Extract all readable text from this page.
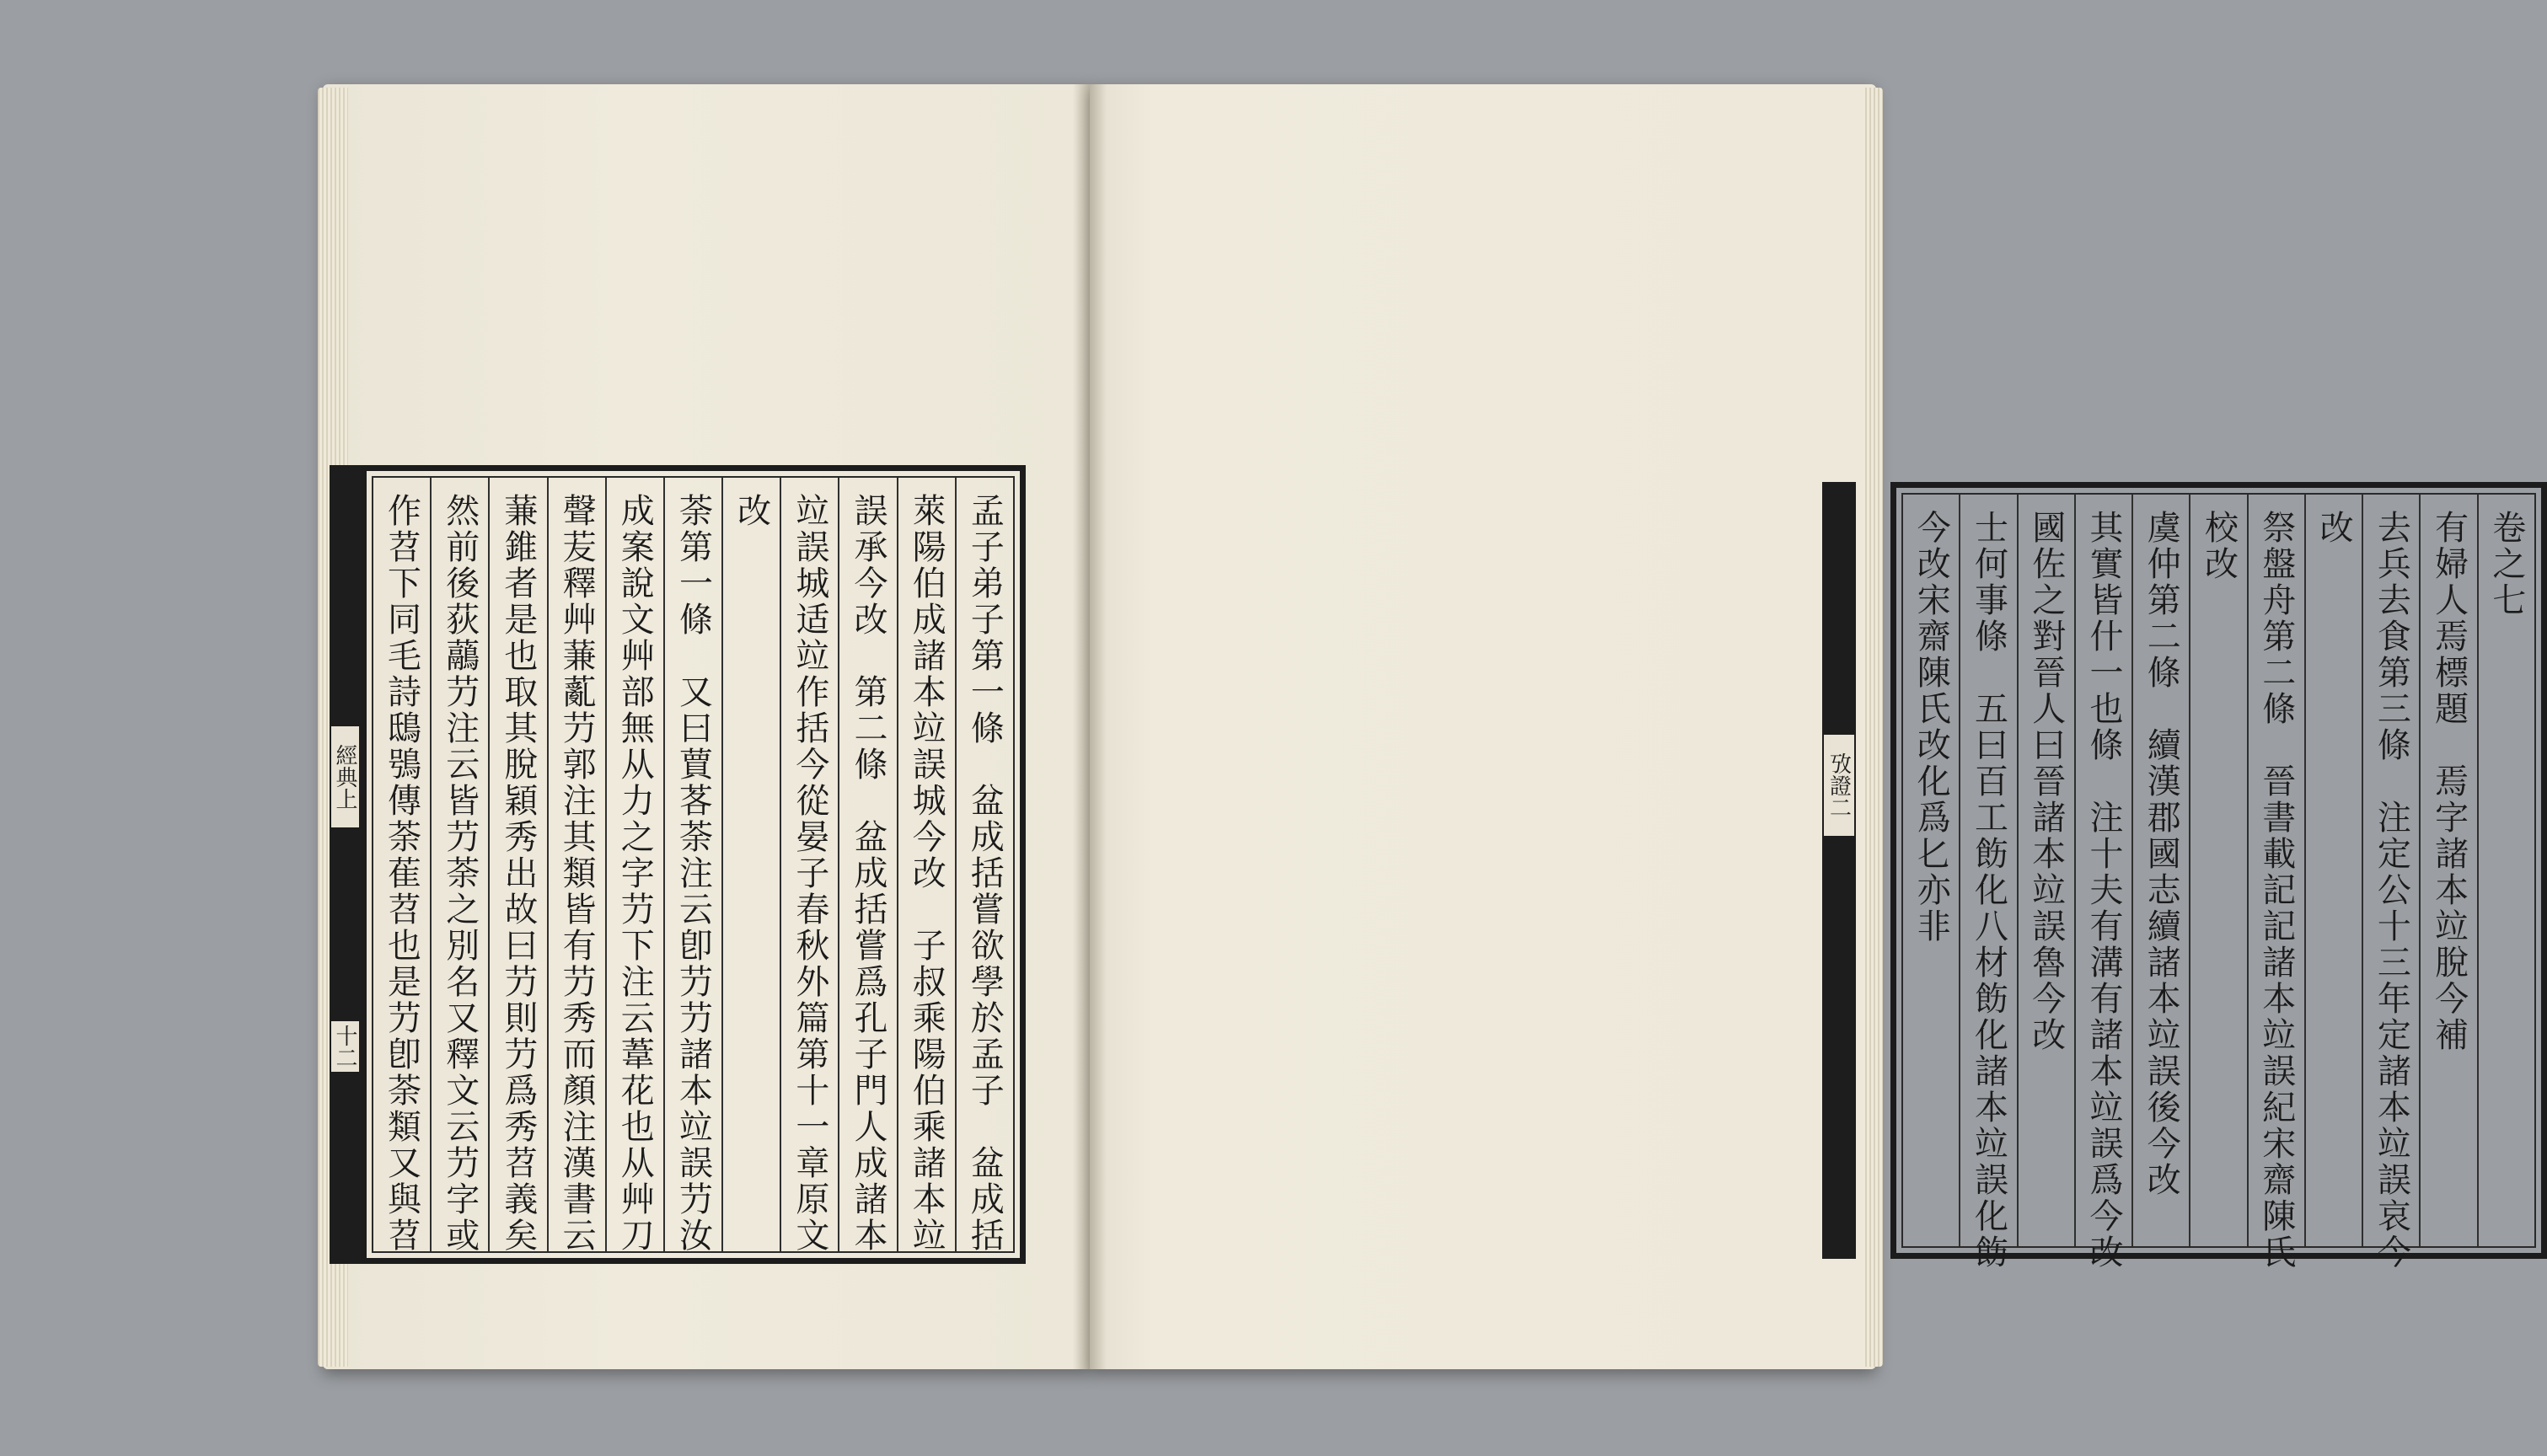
經典上
十二	孟子弟子第一條　盆成括嘗欲學於孟子　盆成括
萊陽伯成諸本竝誤城今改　子叔乘陽伯乘諸本竝
誤承今改　第二條　盆成括嘗爲孔子門人成諸本
竝誤城适竝作括今從晏子春秋外篇第十一章原文
改
荼第一條　又曰蕒茖荼注云卽芀芀諸本竝誤芀汝
成案說文艸部無从力之字芀下注云葦花也从艸刀
聲苃釋艸蒹薍芀郭注其類皆有芀秀而顏注漢書云
蒹錐者是也取其脫穎秀出故曰芀則芀爲秀苕義矣
然前後荻虉芀注云皆芀荼之別名又釋文云芀字或
作苕下同毛詩鴟鴞傳荼萑苕也是芀卽荼類又與苕	攷證二
卷之七
有婦人焉標題　焉字諸本竝脫今補
去兵去食第三條　注定公十三年定諸本竝誤哀今
改
祭盤舟第二條　晉書載記記諸本竝誤紀宋齋陳氏
校改
虞仲第二條　續漢郡國志續諸本竝誤後今改
其實皆什一也條　注十夫有溝有諸本竝誤爲今改
國佐之對晉人曰晉諸本竝誤魯今改
士何事條　五曰百工飭化八材飭化諸本竝誤化飭
今改宋齋陳氏改化爲𠤎亦非
